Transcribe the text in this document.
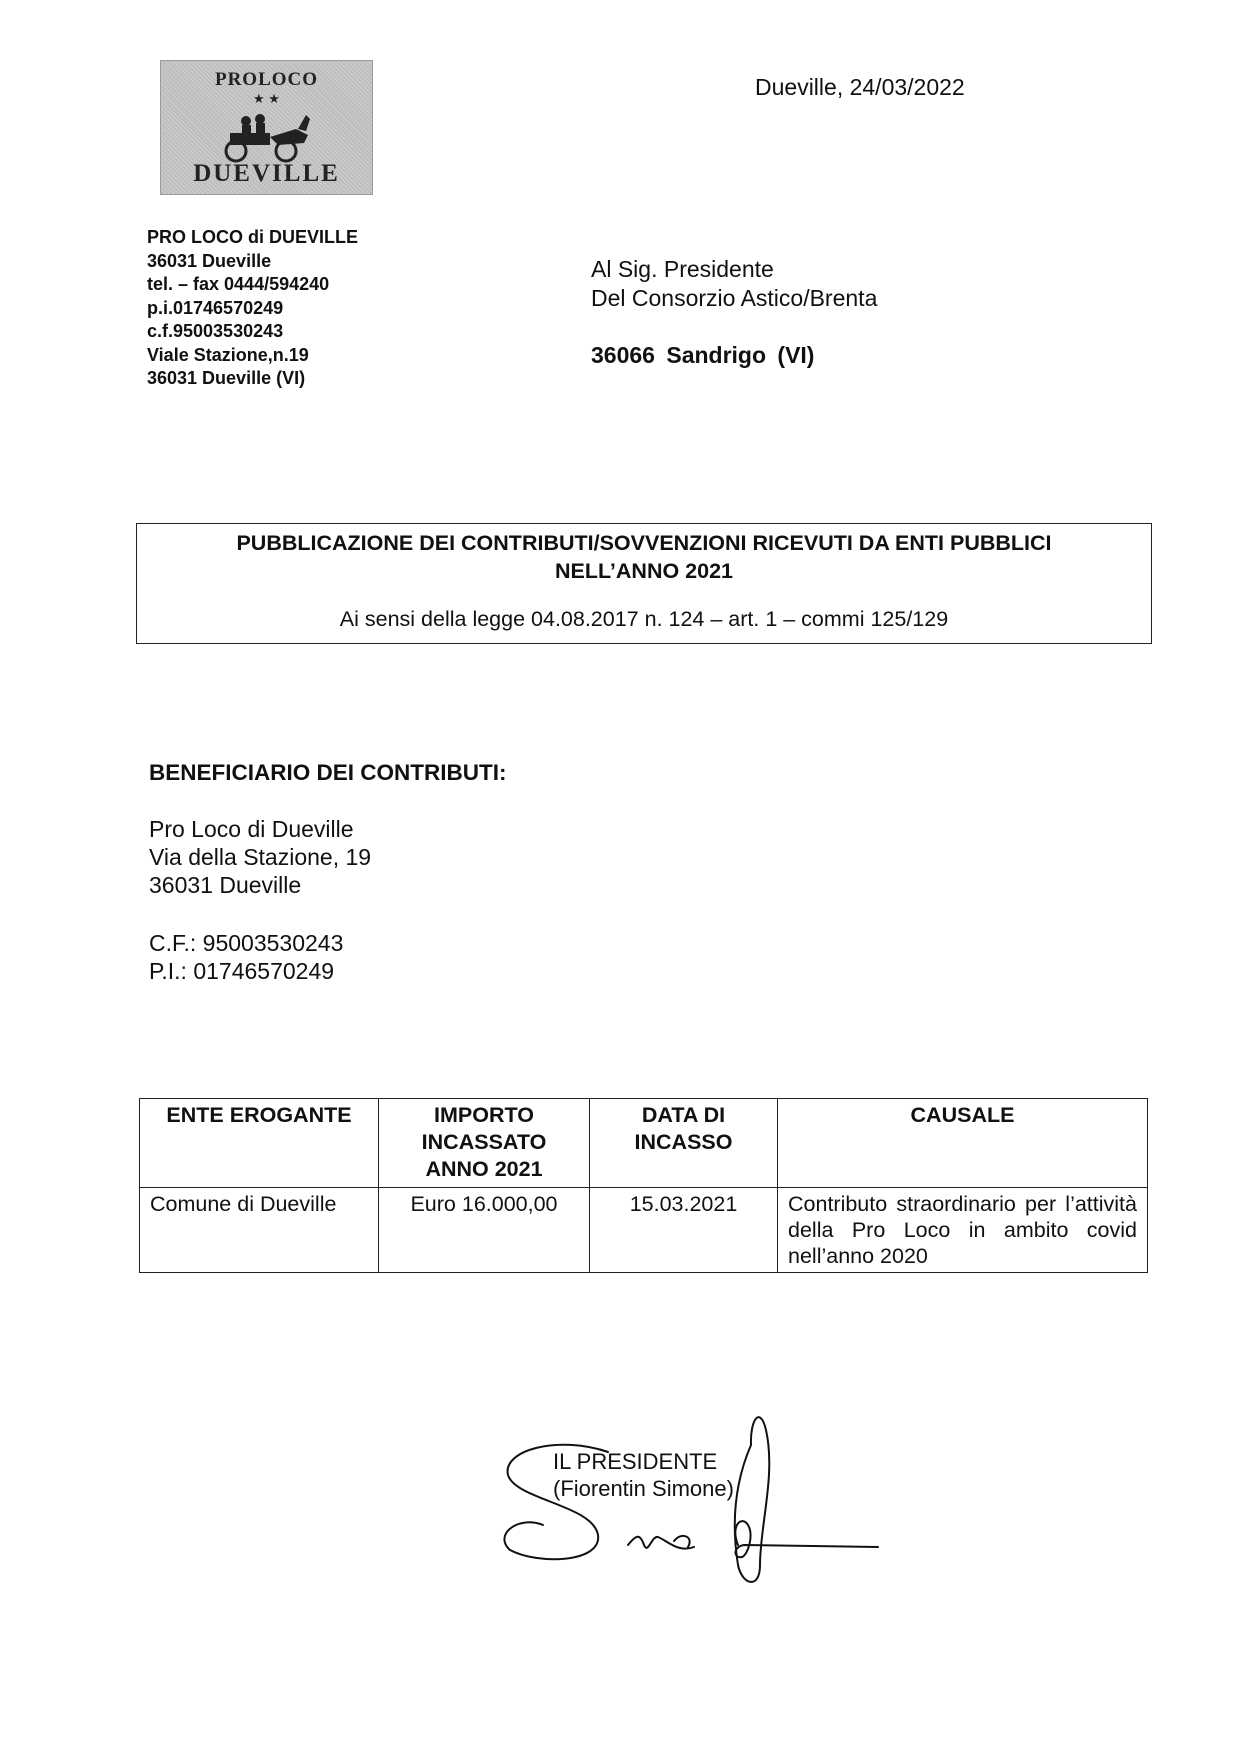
PROLOCO
★ ★
DUEVILLE
Dueville, 24/03/2022
PRO LOCO di DUEVILLE
36031 Dueville
tel. – fax 0444/594240
p.i.01746570249
c.f.95003530243
Viale Stazione,n.19
36031 Dueville (VI)
Al Sig. Presidente
Del Consorzio Astico/Brenta
36066 Sandrigo (VI)
PUBBLICAZIONE DEI CONTRIBUTI/SOVVENZIONI RICEVUTI DA ENTI PUBBLICI
NELL’ANNO 2021
Ai sensi della legge 04.08.2017 n. 124 – art. 1 – commi 125/129
BENEFICIARIO DEI CONTRIBUTI:
Pro Loco di Dueville
Via della Stazione, 19
36031 Dueville
C.F.: 95003530243
P.I.: 01746570249
ENTE EROGANTE	IMPORTO INCASSATO ANNO 2021	DATA DI INCASSO	CAUSALE
Comune di Dueville	Euro 16.000,00	15.03.2021	Contributo straordinario per l’attività della Pro Loco in ambito covid nell’anno 2020
IL PRESIDENTE
(Fiorentin Simone)
